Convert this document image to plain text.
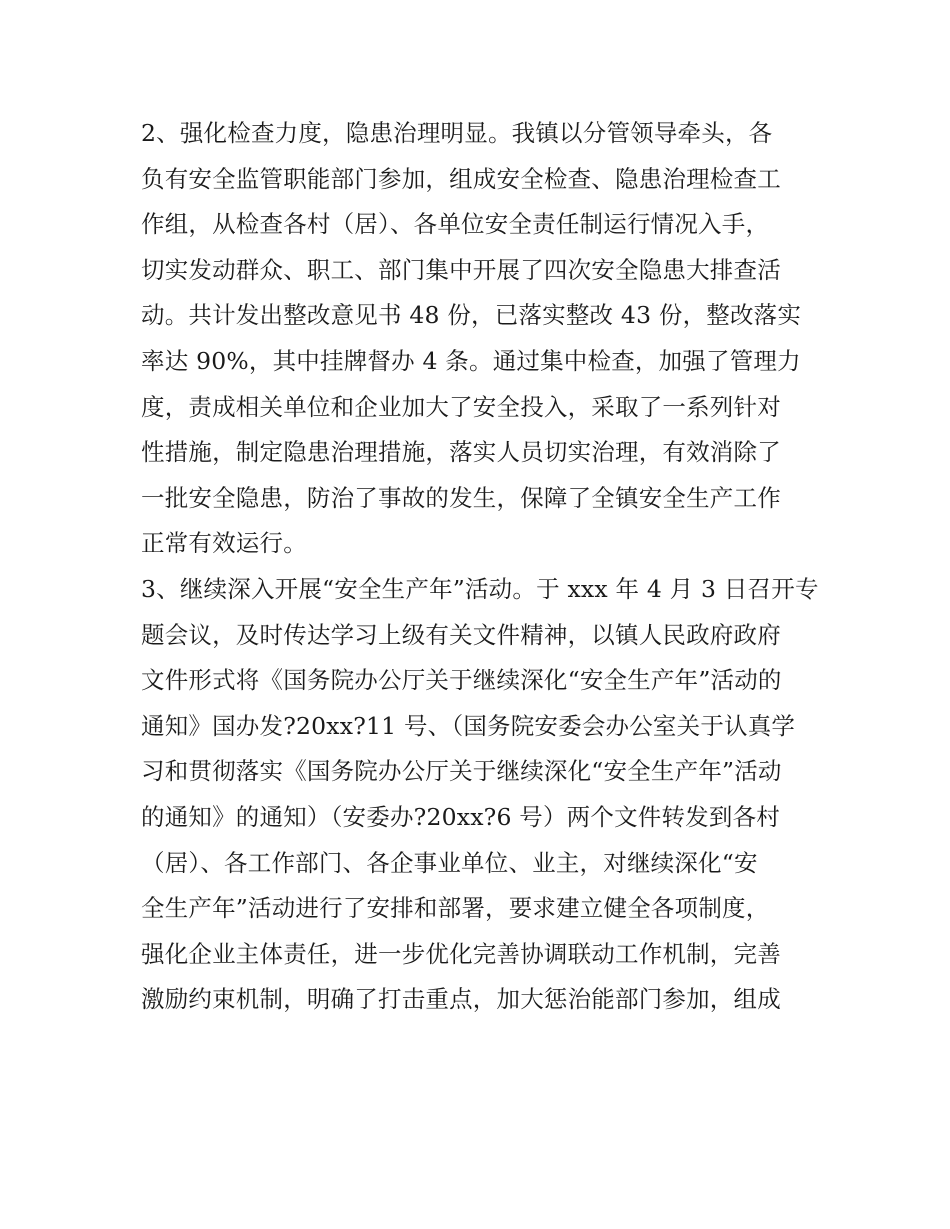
2、强化检查力度，隐患治理明显。我镇以分管领导牵头，各
负有安全监管职能部门参加，组成安全检查、隐患治理检查工
作组，从检查各村（居）、各单位安全责任制运行情况入手，
切实发动群众、职工、部门集中开展了四次安全隐患大排查活
动。共计发出整改意见书 48 份，已落实整改 43 份，整改落实
率达 90%，其中挂牌督办 4 条。通过集中检查，加强了管理力
度，责成相关单位和企业加大了安全投入，采取了一系列针对
性措施，制定隐患治理措施，落实人员切实治理，有效消除了
一批安全隐患，防治了事故的发生，保障了全镇安全生产工作
正常有效运行。
3、继续深入开展“安全生产年”活动。于 xxx 年 4 月 3 日召开专
题会议，及时传达学习上级有关文件精神，以镇人民政府政府
文件形式将《国务院办公厅关于继续深化“安全生产年”活动的
通知》国办发?20xx?11 号、（国务院安委会办公室关于认真学
习和贯彻落实《国务院办公厅关于继续深化“安全生产年”活动
的通知》的通知）（安委办?20xx?6 号）两个文件转发到各村
（居）、各工作部门、各企事业单位、业主，对继续深化“安
全生产年”活动进行了安排和部署，要求建立健全各项制度，
强化企业主体责任，进一步优化完善协调联动工作机制，完善
激励约束机制，明确了打击重点，加大惩治能部门参加，组成
